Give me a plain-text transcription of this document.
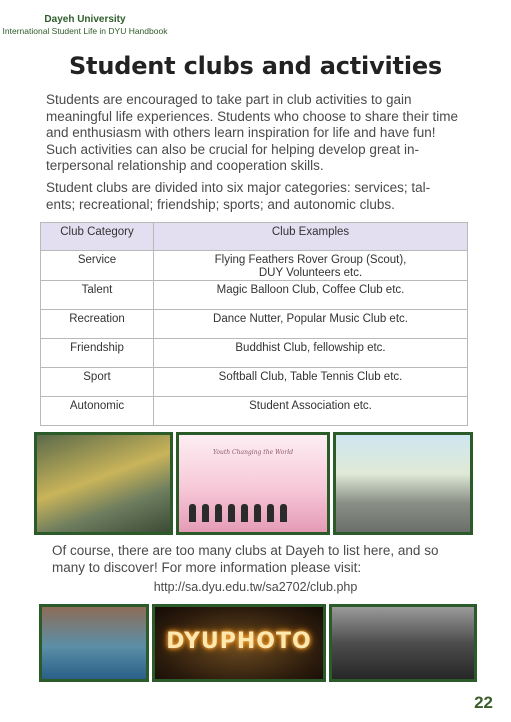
Dayeh University
International Student Life in DYU Handbook
Student clubs and activities
Students are encouraged to take part in club activities to gain meaningful life experiences. Students who choose to share their time and enthusiasm with others learn inspiration for life and have fun! Such activities can also be crucial for helping develop great in-terpersonal relationship and cooperation skills.
Student clubs are divided into six major categories: services; tal-ents; recreational; friendship; sports; and autonomic clubs.
Club Category	Club Examples
Service	Flying Feathers Rover Group (Scout),
DUY Volunteers etc.

Talent	Magic Balloon Club, Coffee Club etc.
Recreation	Dance Nutter, Popular Music Club etc.
Friendship	Buddhist Club, fellowship etc.
Sport	Softball Club, Table Tennis Club etc.
Autonomic	Student Association etc.
Youth Changing the World
Of course, there are too many clubs at Dayeh to list here, and so many to discover! For more information please visit:
http://sa.dyu.edu.tw/sa2702/club.php
DYUPHOTO
22
